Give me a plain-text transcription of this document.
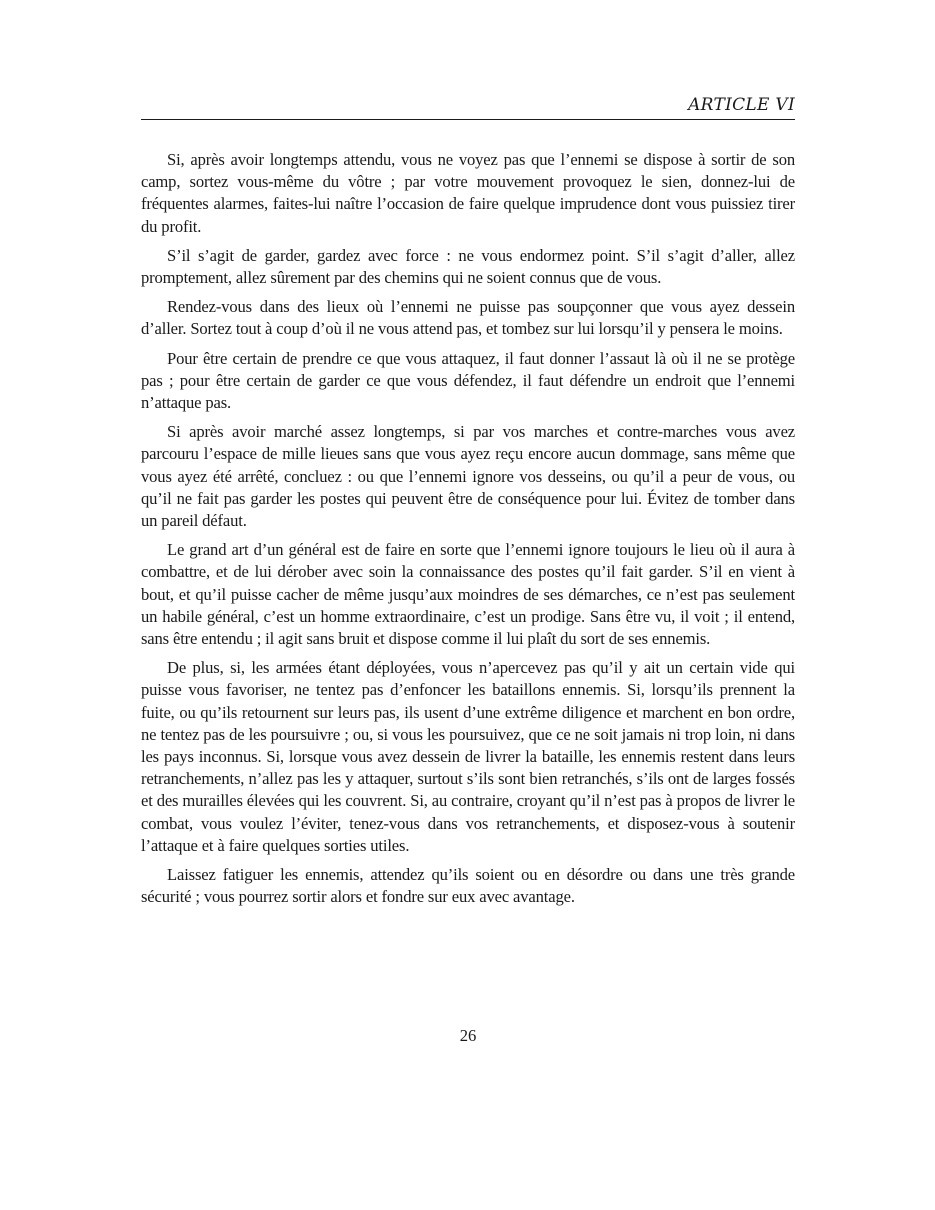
ARTICLE VI

Si, après avoir longtemps attendu, vous ne voyez pas que l’ennemi se dispose à sortir de son camp, sortez vous-même du vôtre ; par votre mouvement provoquez le sien, donnez-lui de fréquentes alarmes, faites-lui naître l’occasion de faire quelque imprudence dont vous puissiez tirer du profit.

S’il s’agit de garder, gardez avec force : ne vous endormez point. S’il s’agit d’aller, allez promptement, allez sûrement par des chemins qui ne soient connus que de vous.

Rendez-vous dans des lieux où l’ennemi ne puisse pas soupçonner que vous ayez dessein d’aller. Sortez tout à coup d’où il ne vous attend pas, et tombez sur lui lorsqu’il y pensera le moins.

Pour être certain de prendre ce que vous attaquez, il faut donner l’assaut là où il ne se protège pas ; pour être certain de garder ce que vous défendez, il faut défendre un endroit que l’ennemi n’attaque pas.

Si après avoir marché assez longtemps, si par vos marches et contre-marches vous avez parcouru l’espace de mille lieues sans que vous ayez reçu encore aucun dommage, sans même que vous ayez été arrêté, concluez : ou que l’ennemi ignore vos desseins, ou qu’il a peur de vous, ou qu’il ne fait pas garder les postes qui peuvent être de conséquence pour lui. Évitez de tomber dans un pareil défaut.

Le grand art d’un général est de faire en sorte que l’ennemi ignore toujours le lieu où il aura à combattre, et de lui dérober avec soin la connaissance des postes qu’il fait garder. S’il en vient à bout, et qu’il puisse cacher de même jusqu’aux moindres de ses démarches, ce n’est pas seulement un habile général, c’est un homme extraordinaire, c’est un prodige. Sans être vu, il voit ; il entend, sans être entendu ; il agit sans bruit et dispose comme il lui plaît du sort de ses ennemis.

De plus, si, les armées étant déployées, vous n’apercevez pas qu’il y ait un certain vide qui puisse vous favoriser, ne tentez pas d’enfoncer les bataillons ennemis. Si, lorsqu’ils prennent la fuite, ou qu’ils retournent sur leurs pas, ils usent d’une extrême diligence et marchent en bon ordre, ne tentez pas de les poursuivre ; ou, si vous les poursuivez, que ce ne soit jamais ni trop loin, ni dans les pays inconnus. Si, lorsque vous avez dessein de livrer la bataille, les ennemis restent dans leurs retranchements, n’allez pas les y attaquer, surtout s’ils sont bien retranchés, s’ils ont de larges fossés et des murailles élevées qui les couvrent. Si, au contraire, croyant qu’il n’est pas à propos de livrer le combat, vous voulez l’éviter, tenez-vous dans vos retranchements, et disposez-vous à soutenir l’attaque et à faire quelques sorties utiles.

Laissez fatiguer les ennemis, attendez qu’ils soient ou en désordre ou dans une très grande sécurité ; vous pourrez sortir alors et fondre sur eux avec avantage.

26
